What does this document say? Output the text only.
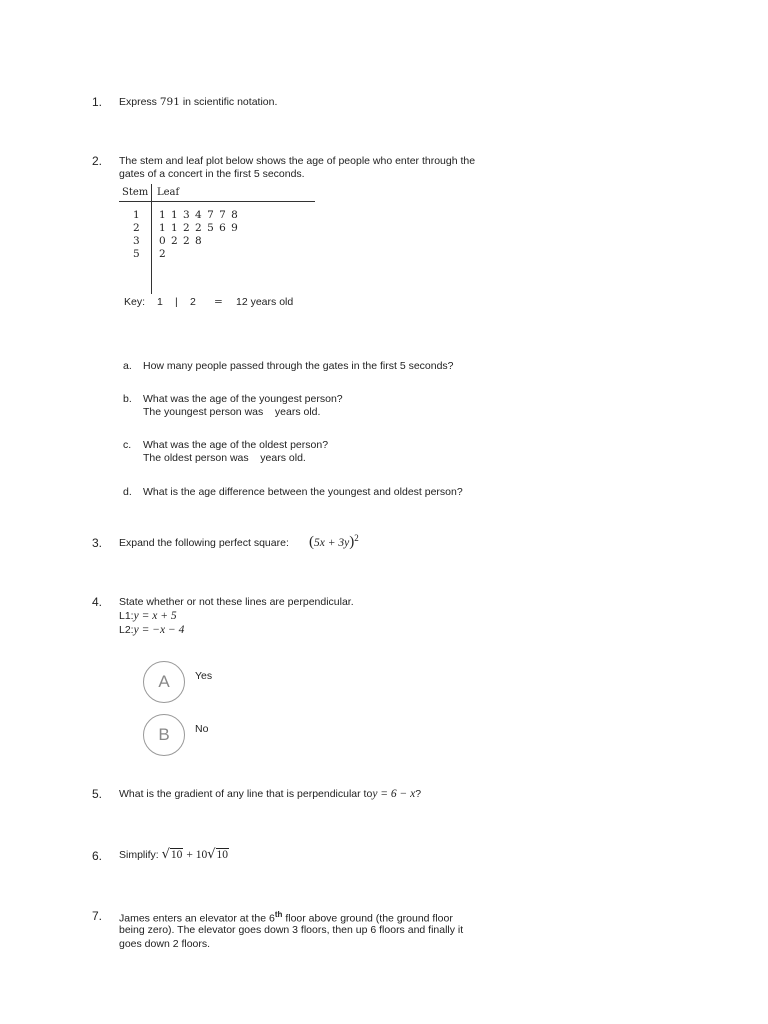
1. Express 791 in scientific notation.
2. The stem and leaf plot below shows the age of people who enter through the
gates of a concert in the first 5 seconds.
Stem Leaf
1 1 1 3 4 7 7 8
2 1 1 2 2 5 6 9
3 0 2 2 8
5 2
Key: 1 | 2 = 12 years old
a. How many people passed through the gates in the first 5 seconds?
b. What was the age of the youngest person?
The youngest person was    years old.
c. What was the age of the oldest person?
The oldest person was    years old.
d. What is the age difference between the youngest and oldest person?
3. Expand the following perfect square: $(5x + 3y)^2$
4. State whether or not these lines are perpendicular.
L1:y = x + 5
L2:y = −x − 4
A	Yes
B	No
5. What is the gradient of any line that is perpendicular toy = 6 − x?
6. Simplify: √10 + 10√10
7. James enters an elevator at the 6th floor above ground (the ground floor
being zero). The elevator goes down 3 floors, then up 6 floors and finally it
goes down 2 floors.
